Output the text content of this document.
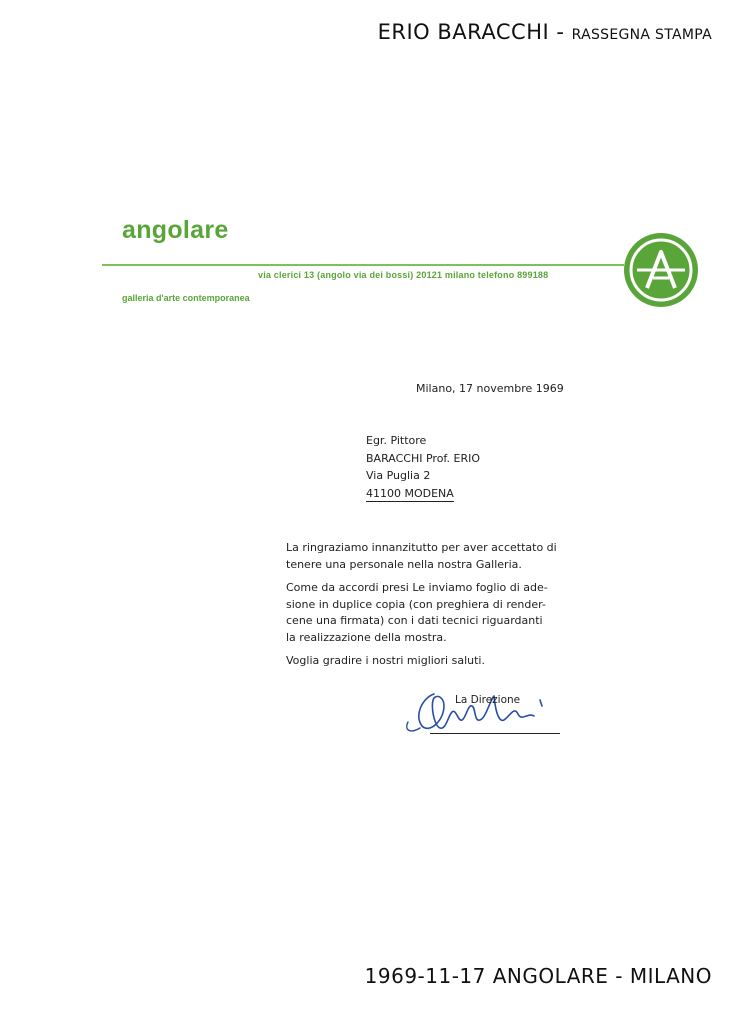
ERIO BARACCHI - RASSEGNA STAMPA
angolare
via clerici 13 (angolo via dei bossi) 20121 milano telefono 899188
galleria d'arte contemporanea
Milano, 17 novembre 1969
Egr. Pittore
BARACCHI Prof. ERIO
Via Puglia 2
41100 MODENA

La ringraziamo innanzitutto per aver accettato di
tenere una personale nella nostra Galleria.

Come da accordi presi Le inviamo foglio di ade-
sione in duplice copia (con preghiera di render-
cene una firmata) con i dati tecnici riguardanti
la realizzazione della mostra.

Voglia gradire i nostri migliori saluti.

La Direzione
1969-11-17 ANGOLARE - MILANO
